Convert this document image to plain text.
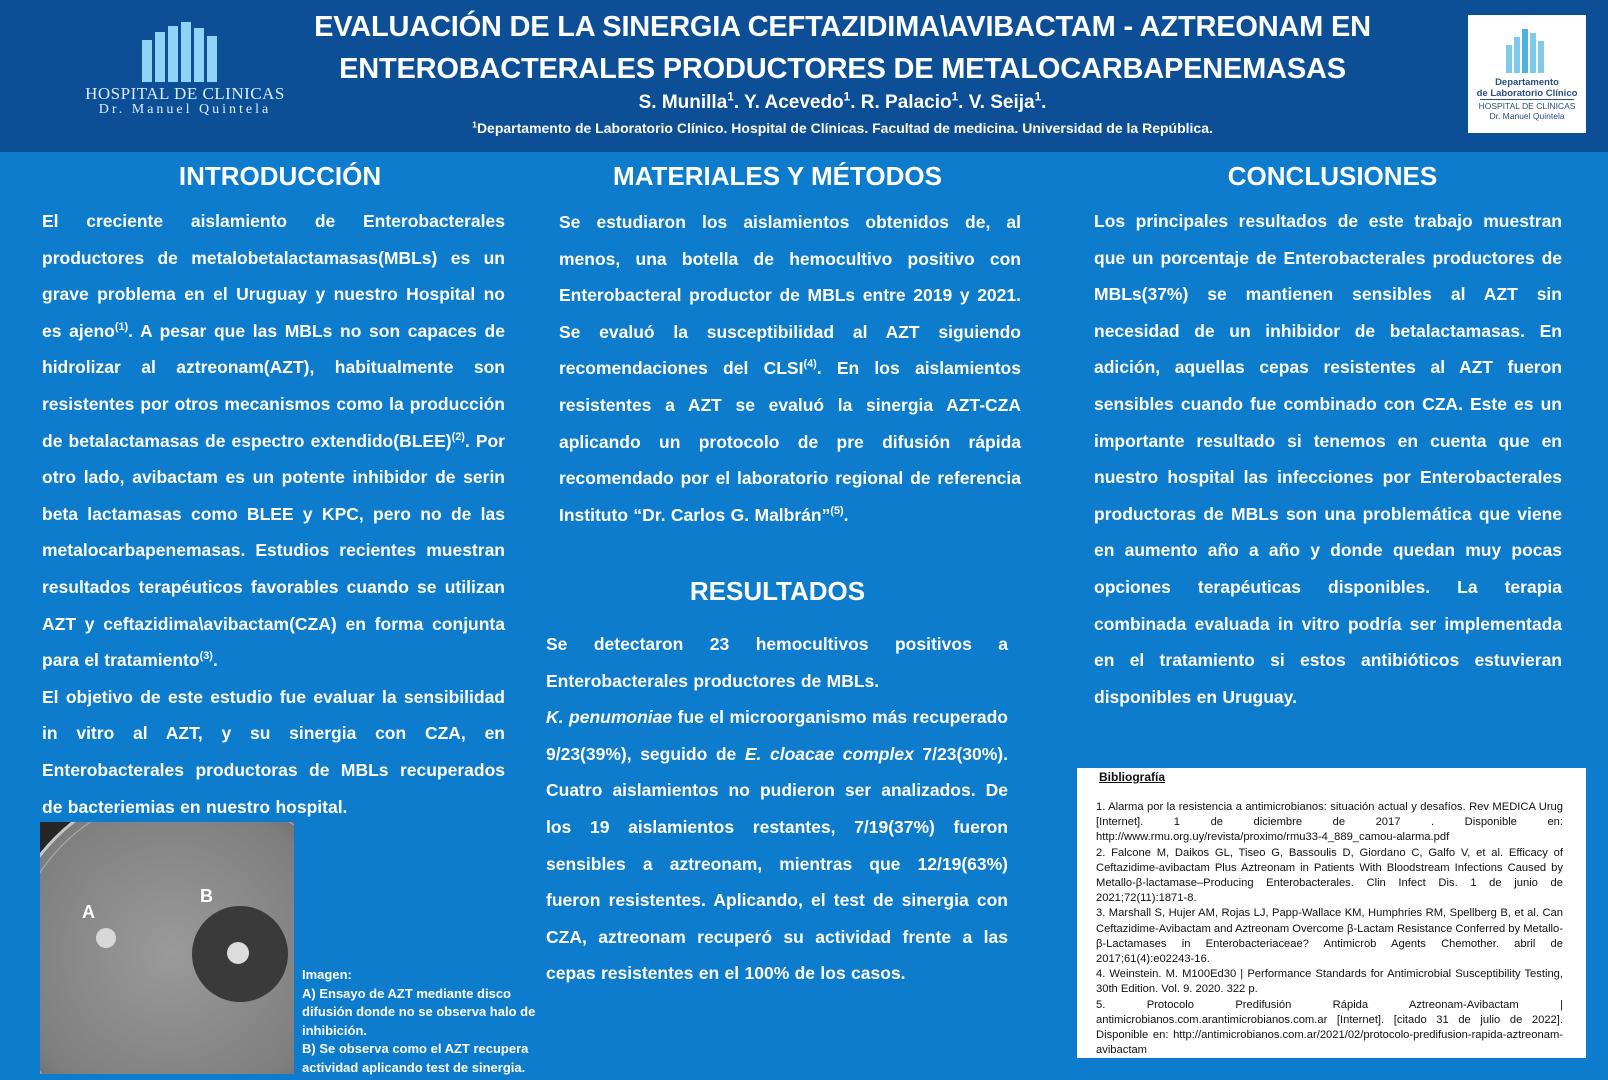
HOSPITAL DE CLINICAS
Dr. Manuel Quintela
EVALUACIÓN DE LA SINERGIA CEFTAZIDIMA\AVIBACTAM - AZTREONAM EN
ENTEROBACTERALES PRODUCTORES DE METALOCARBAPENEMASAS
S. Munilla$^1$. Y. Acevedo$^1$. R. Palacio$^1$. V. Seija$^1$.
$^1$Departamento de Laboratorio Clínico. Hospital de Clínicas. Facultad de medicina. Universidad de la República.
Departamento
de Laboratorio Clínico
HOSPITAL DE CLÍNICAS
Dr. Manuel Quintela
INTRODUCCIÓN

El creciente aislamiento de Enterobacterales productores de metalobetalactamasas(MBLs) es un grave problema en el Uruguay y nuestro Hospital no es ajeno$^{(1)}$. A pesar que las MBLs no son capaces de hidrolizar al aztreonam(AZT), habitualmente son resistentes por otros mecanismos como la producción de betalactamasas de espectro extendido(BLEE)$^{(2)}$. Por otro lado, avibactam es un potente inhibidor de serin beta lactamasas como BLEE y KPC, pero no de las metalocarbapenemasas. Estudios recientes muestran resultados terapéuticos favorables cuando se utilizan AZT y ceftazidima\avibactam(CZA) en forma conjunta para el tratamiento$^{(3)}$.

El objetivo de este estudio fue evaluar la sensibilidad in vitro al AZT, y su sinergia con CZA, en Enterobacterales productoras de MBLs recuperados de bacteriemias en nuestro hospital.

A
B
Imagen:
A) Ensayo de AZT mediante disco
difusión donde no se observa halo de
inhibición.
B) Se observa como el AZT recupera
actividad aplicando test de sinergia.
MATERIALES Y MÉTODOS

Se estudiaron los aislamientos obtenidos de, al menos, una botella de hemocultivo positivo con Enterobacteral productor de MBLs entre 2019 y 2021. Se evaluó la susceptibilidad al AZT siguiendo recomendaciones del CLSI$^{(4)}$. En los aislamientos resistentes a AZT se evaluó la sinergia AZT-CZA aplicando un protocolo de pre difusión rápida recomendado por el laboratorio regional de referencia Instituto “Dr. Carlos G. Malbrán”$^{(5)}$.

RESULTADOS

Se detectaron 23 hemocultivos positivos a Enterobacterales productores de MBLs.

K. penumoniae fue el microorganismo más recuperado 9/23(39%), seguido de E. cloacae complex 7/23(30%). Cuatro aislamientos no pudieron ser analizados. De los 19 aislamientos restantes, 7/19(37%) fueron sensibles a aztreonam, mientras que 12/19(63%) fueron resistentes. Aplicando, el test de sinergia con CZA, aztreonam recuperó su actividad frente a las cepas resistentes en el 100% de los casos.

CONCLUSIONES

Los principales resultados de este trabajo muestran que un porcentaje de Enterobacterales productores de MBLs(37%) se mantienen sensibles al AZT sin necesidad de un inhibidor de betalactamasas. En adición, aquellas cepas resistentes al AZT fueron sensibles cuando fue combinado con CZA. Este es un importante resultado si tenemos en cuenta que en nuestro hospital las infecciones por Enterobacterales productoras de MBLs son una problemática que viene en aumento año a año y donde quedan muy pocas opciones terapéuticas disponibles. La terapia combinada evaluada in vitro podría ser implementada en el tratamiento si estos antibióticos estuvieran disponibles en Uruguay.

Bibliografía
1. Alarma por la resistencia a antimicrobianos: situación actual y desafíos. Rev MEDICA Urug [Internet]. 1 de diciembre de 2017 . Disponible en: http://www.rmu.org.uy/revista/proximo/rmu33-4_889_camou-alarma.pdf
2. Falcone M, Daikos GL, Tiseo G, Bassoulis D, Giordano C, Galfo V, et al. Efficacy of Ceftazidime-avibactam Plus Aztreonam in Patients With Bloodstream Infections Caused by Metallo-β-lactamase–Producing Enterobacterales. Clin Infect Dis. 1 de junio de 2021;72(11):1871-8.
3. Marshall S, Hujer AM, Rojas LJ, Papp-Wallace KM, Humphries RM, Spellberg B, et al. Can Ceftazidime-Avibactam and Aztreonam Overcome β-Lactam Resistance Conferred by Metallo-β-Lactamases in Enterobacteriaceae? Antimicrob Agents Chemother. abril de 2017;61(4):e02243-16.
4. Weinstein. M. M100Ed30 | Performance Standards for Antimicrobial Susceptibility Testing, 30th Edition. Vol. 9. 2020. 322 p.
5. Protocolo Predifusión Rápida Aztreonam-Avibactam | antimicrobianos.com.arantimicrobianos.com.ar [Internet]. [citado 31 de julio de 2022]. Disponible en: http://antimicrobianos.com.ar/2021/02/protocolo-predifusion-rapida-aztreonam-avibactam
